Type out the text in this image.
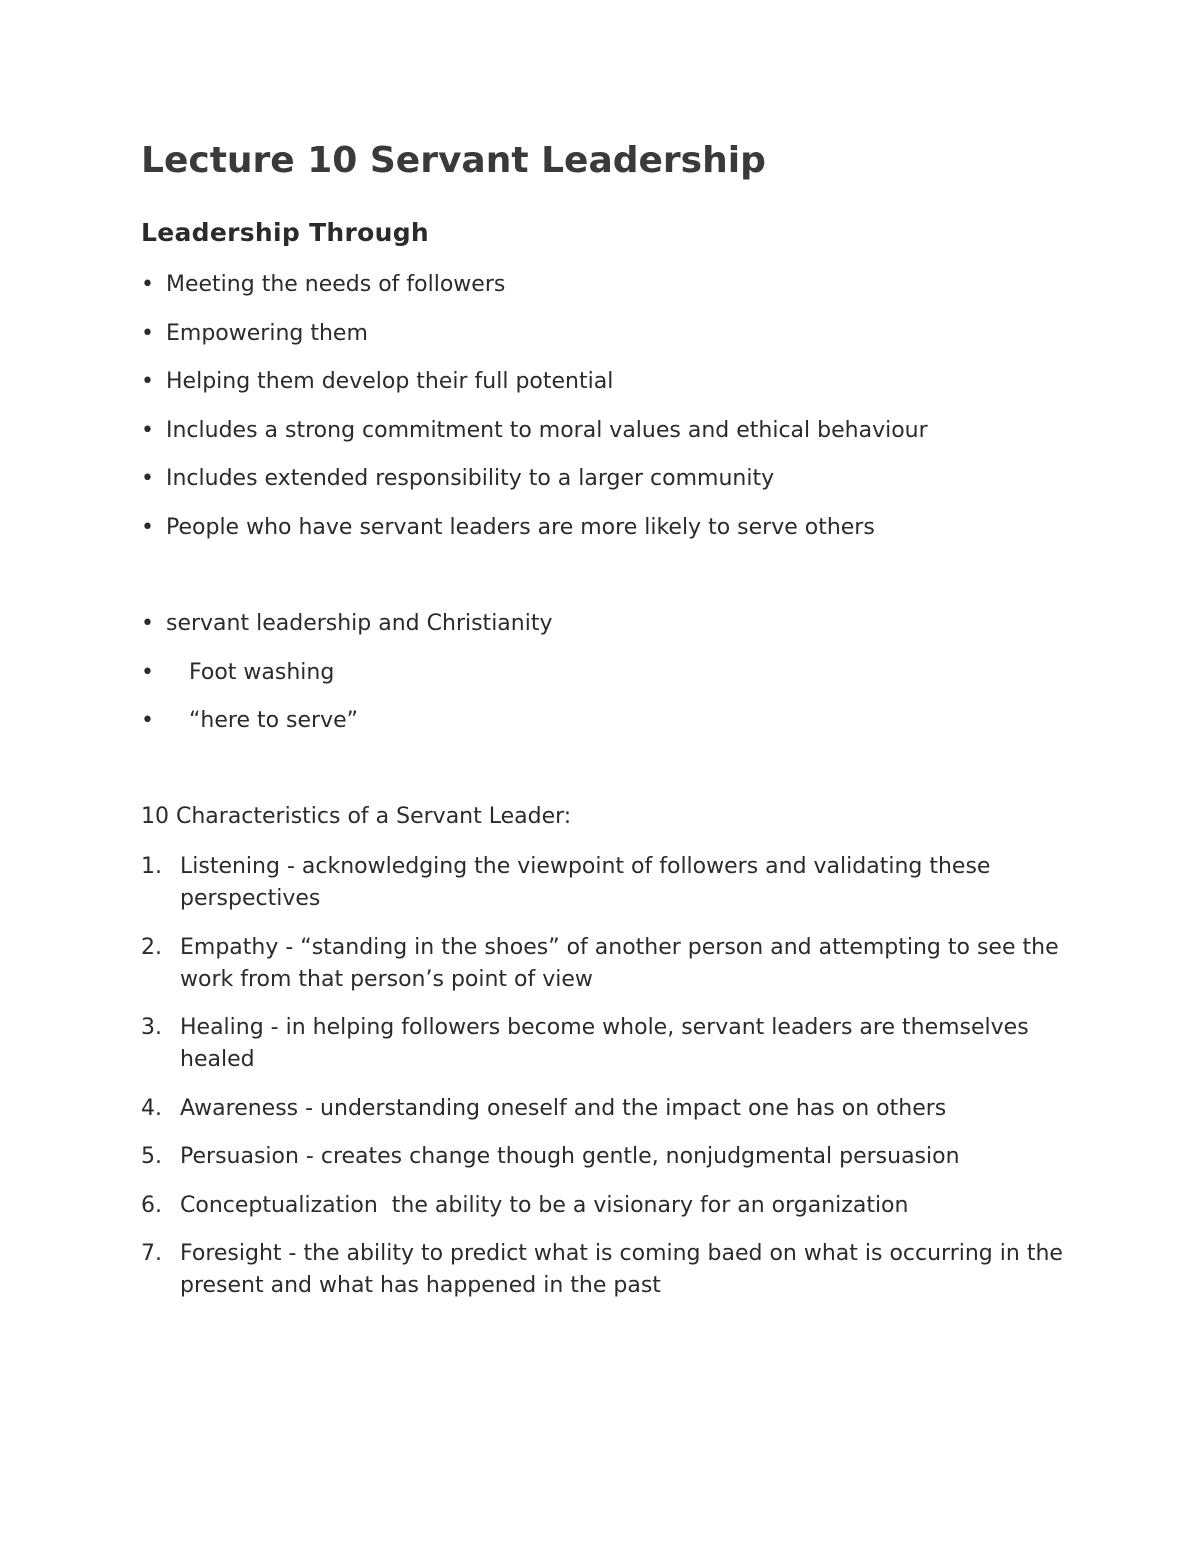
Lecture 10 Servant Leadership
Leadership Through
• Meeting the needs of followers
• Empowering them
• Helping them develop their full potential
• Includes a strong commitment to moral values and ethical behaviour
• Includes extended responsibility to a larger community
• People who have servant leaders are more likely to serve others
• servant leadership and Christianity
• Foot washing
• “here to serve”

10 Characteristics of a Servant Leader:

1. Listening - acknowledging the viewpoint of followers and validating these perspectives
2. Empathy - “standing in the shoes” of another person and attempting to see the work from that person’s point of view
3. Healing - in helping followers become whole, servant leaders are themselves healed
4. Awareness - understanding oneself and the impact one has on others
5. Persuasion - creates change though gentle, nonjudgmental persuasion
6. Conceptualization  the ability to be a visionary for an organization
7. Foresight - the ability to predict what is coming baed on what is occurring in the present and what has happened in the past
